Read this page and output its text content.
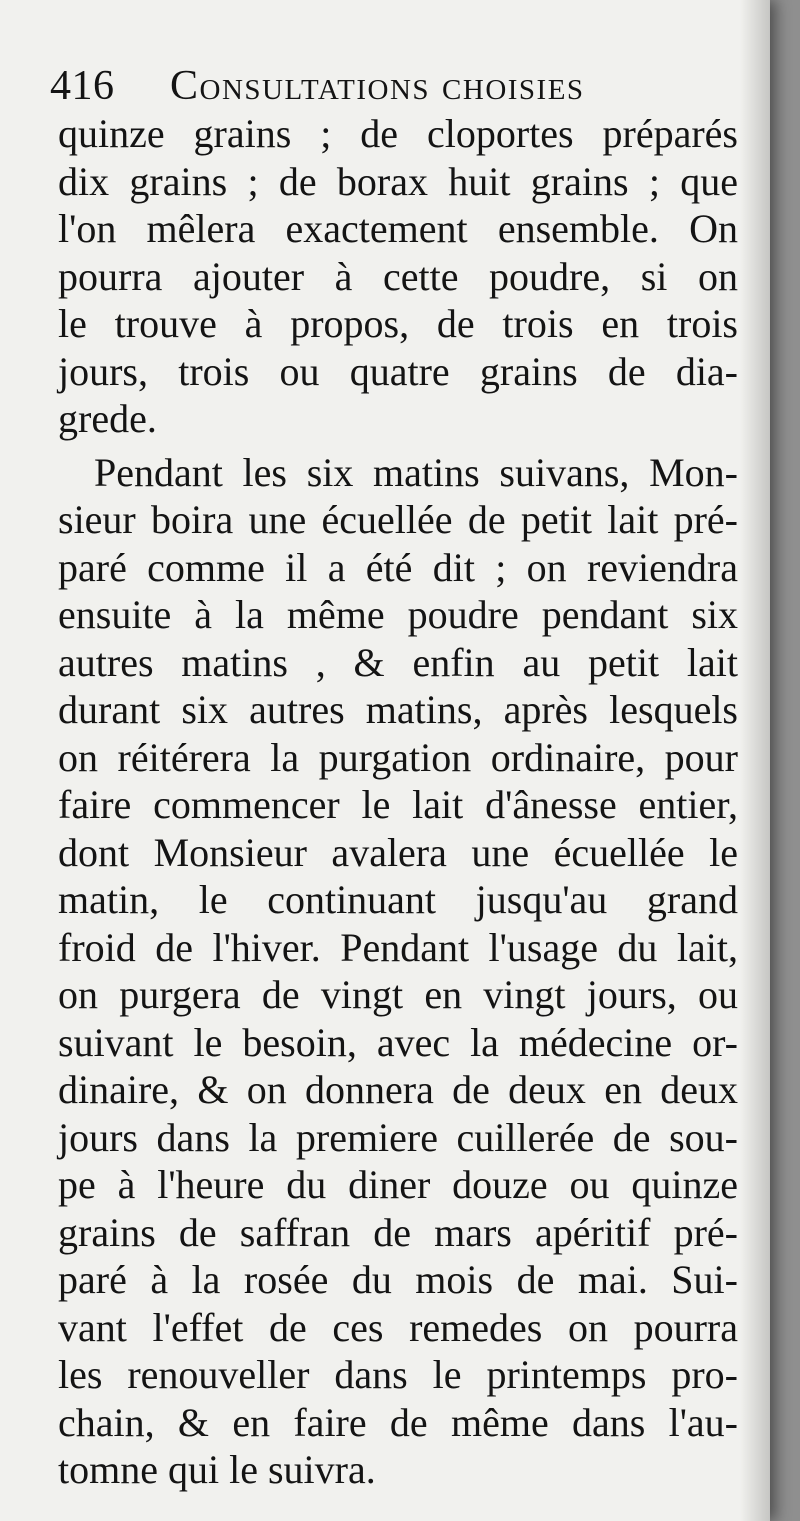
416 Consultations choisies
quinze grains ; de cloportes préparés
dix grains ; de borax huit grains ; que
l'on mêlera exactement ensemble. On
pourra ajouter à cette poudre, si on
le trouve à propos, de trois en trois
jours, trois ou quatre grains de dia-
grede.
Pendant les six matins suivans, Mon-
sieur boira une écuellée de petit lait pré-
paré comme il a été dit ; on reviendra
ensuite à la même poudre pendant six
autres matins , & enfin au petit lait
durant six autres matins, après lesquels
on réitérera la purgation ordinaire, pour
faire commencer le lait d'ânesse entier,
dont Monsieur avalera une écuellée le
matin, le continuant jusqu'au grand
froid de l'hiver. Pendant l'usage du lait,
on purgera de vingt en vingt jours, ou
suivant le besoin, avec la médecine or-
dinaire, & on donnera de deux en deux
jours dans la premiere cuillerée de sou-
pe à l'heure du diner douze ou quinze
grains de saffran de mars apéritif pré-
paré à la rosée du mois de mai. Sui-
vant l'effet de ces remedes on pourra
les renouveller dans le printemps pro-
chain, & en faire de même dans l'au-
tomne qui le suivra.
